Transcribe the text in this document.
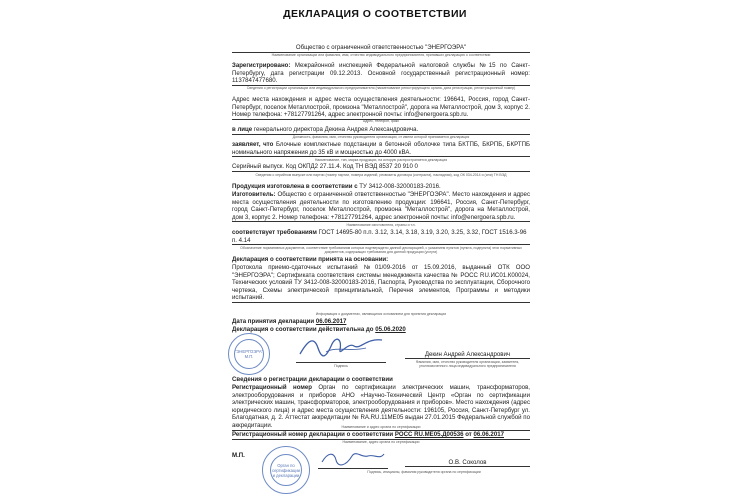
ДЕКЛАРАЦИЯ О СООТВЕТСТВИИ
Общество с ограниченной ответственностью "ЭНЕРГОЭРА"
Наименование организации или фамилия, имя, отчество индивидуального предпринимателя, принявших декларацию о соответствии
Зарегистрировано: Межрайонной инспекцией Федеральной налоговой службы №15 по Санкт-Петербургу, дата регистрации 09.12.2013. Основной государственный регистрационный номер: 1137847477680.
Сведения о регистрации организации или индивидуального предпринимателя (наименование регистрирующего органа, дата регистрации, регистрационный номер)
Адрес места нахождения и адрес места осуществления деятельности: 196641, Россия, город Санкт-Петербург, поселок Металлострой, промзона "Металлострой", дорога на Металлострой, дом 3, корпус 2. Номер телефона: +78127791264, адрес электронной почты: info@energoera.spb.ru.
Адрес, телефон, факс
в лице генерального директора Декина Андрея Александровича.
Должность, фамилия, имя, отчество руководителя организации, от имени которой принимается декларация
заявляет, что Блочные комплектные подстанции в бетонной оболочке типа БКТПБ, БКРПБ, БКРТПБ номинального напряжения до 35 кВ и мощностью до 4000 кВА.
Наименование, тип, марка продукции, на которую распространяется декларация
Серийный выпуск. Код ОКПД2 27.11.4. Код ТН ВЭД 8537 20 910 0
Сведения о серийном выпуске или партии (номер партии, номера изделий, реквизиты договора (контракта), накладная), код ОК 034-2014 и (или) ТН ВЭД
Продукция изготовлена в соответствии с ТУ 3412-008-32000183-2016.
Изготовитель: Общество с ограниченной ответственностью "ЭНЕРГОЭРА". Место нахождения и адрес места осуществления деятельности по изготовлению продукции: 196641, Россия, Санкт-Петербург, город Санкт-Петербург, поселок Металлострой, промзона "Металлострой", дорога на Металлострой, дом 3, корпус 2. Номер телефона: +78127791264, адрес электронной почты: info@energoera.spb.ru.
Наименование изготовителя, страны и т.п.
соответствует требованиям ГОСТ 14695-80 п.п. 3.12, 3.14, 3.18, 3.19, 3.20, 3.25, 3.32, ГОСТ 1516.3-96 п. 4.14
Обозначение нормативных документов, соответствие требованиям которых подтверждено данной декларацией, с указанием пунктов (пункта, подпункта) этих нормативных документов, содержащих требования для данной продукции (услуги)
Декларация о соответствии принята на основании:
Протокола приемо-сдаточных испытаний №01/09-2016 от 15.09.2016, выданный ОТК ООО "ЭНЕРГОЭРА"; Сертификата соответствия системы менеджмента качества № РОСС RU.ИС01.К00024, Технических условий ТУ 3412-008-32000183-2016, Паспорта, Руководства по эксплуатации, Сборочного чертежа, Схемы электрической принципиальной, Перечня элементов, Программы и методики испытаний.
Информация о документах, являющихся основанием для принятия декларации
Дата принятия декларации 06.06.2017
Декларация о соответствии действительна до 05.06.2020
"ЭНЕРГОЭРА"
М.П.
Подпись
Декин Андрей Александрович
Фамилия, имя, отчество руководителя организации, заявителя, уполномоченного лица индивидуального предпринимателя
Сведения о регистрации декларации о соответствии
Регистрационный номер Орган по сертификации электрических машин, трансформаторов, электрооборудования и приборов АНО «Научно-Технический Центр «Орган по сертификации электрических машин, трансформаторов, электрооборудования и приборов». Место нахождения (адрес юридического лица) и адрес места осуществления деятельности: 196105, Россия, Санкт-Петербург ул. Благодатная, д. 2. Аттестат аккредитации № RA.RU.11МЕ05 выдан 27.01.2015 Федеральной службой по аккредитации.	Наименование и адрес органа по сертификации
Регистрационный номер декларации о соответствии РОСС RU.МЕ05.Д00536 от 06.06.2017
Наименование, адрес органа по сертификации
Орган по сертификации и декларации
М.П.
О.В. Соколов
Подпись, инициалы, фамилия руководителя органа по сертификации
